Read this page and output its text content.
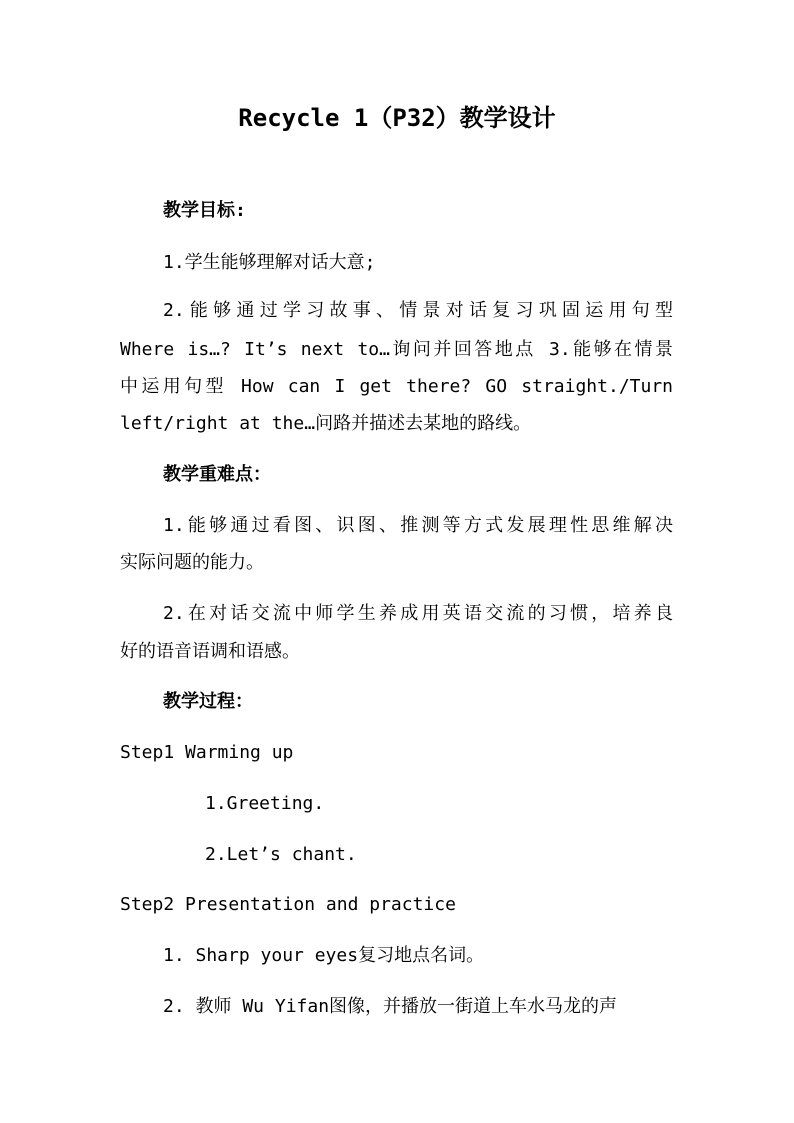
Recycle 1（P32）教学设计
教学目标:
1.学生能够理解对话大意;
2.能够通过学习故事、情景对话复习巩固运用句型
Where is…? It’s next to…询问并回答地点 3.能够在情景
中运用句型 How can I get there? GO straight./Turn
left/right at the…问路并描述去某地的路线。
教学重难点：
1.能够通过看图、识图、推测等方式发展理性思维解决
实际问题的能力。
2.在对话交流中师学生养成用英语交流的习惯，培养良
好的语音语调和语感。
教学过程：
Step1 Warming up
1.Greeting.
2.Let’s chant.
Step2 Presentation and practice
1. Sharp your eyes复习地点名词。
2. 教师 Wu Yifan图像，并播放一街道上车水马龙的声
